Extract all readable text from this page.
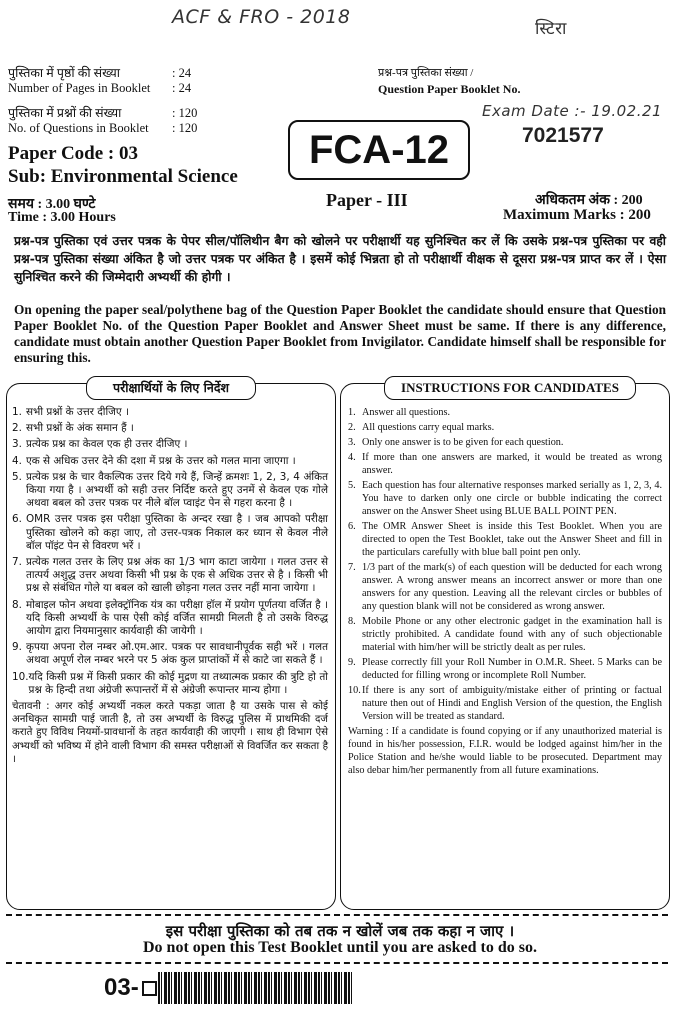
ACF & FRO - 2018
स्टिरा
Exam Date :- 19.02.21
पुस्तिका में पृष्ठों की संख्या
Number of Pages in Booklet
: 24
: 24
पुस्तिका में प्रश्नों की संख्या
No. of Questions in Booklet
: 120
: 120
Paper Code : 03
Sub: Environmental Science
समय : 3.00 घण्टे
Time : 3.00 Hours
प्रश्न-पत्र पुस्तिका संख्या /
Question Paper Booklet No.
FCA-12	7021577
Paper - III	अधिकतम अंक : 200
Maximum Marks : 200
प्रश्न-पत्र पुस्तिका एवं उत्तर पत्रक के पेपर सील/पॉलिथीन बैग को खोलने पर परीक्षार्थी यह सुनिश्चित कर लें कि उसके प्रश्न-पत्र पुस्तिका पर वही प्रश्न-पत्र पुस्तिका संख्या अंकित है जो उत्तर पत्रक पर अंकित है । इसमें कोई भिन्नता हो तो परीक्षार्थी वीक्षक से दूसरा प्रश्न-पत्र प्राप्त कर लें । ऐसा सुनिश्चित करने की जिम्मेदारी अभ्यर्थी की होगी ।
On opening the paper seal/polythene bag of the Question Paper Booklet the candidate should ensure that Question Paper Booklet No. of the Question Paper Booklet and Answer Sheet must be same. If there is any difference, candidate must obtain another Question Paper Booklet from Invigilator. Candidate himself shall be responsible for ensuring this.
परीक्षार्थियों के लिए निर्देश
1. सभी प्रश्नों के उत्तर दीजिए ।
2. सभी प्रश्नों के अंक समान हैं ।
3. प्रत्येक प्रश्न का केवल एक ही उत्तर दीजिए ।
4. एक से अधिक उत्तर देने की दशा में प्रश्न के उत्तर को गलत माना जाएगा ।
5. प्रत्येक प्रश्न के चार वैकल्पिक उत्तर दिये गये हैं, जिन्हें क्रमशः 1, 2, 3, 4 अंकित किया गया है । अभ्यर्थी को सही उत्तर निर्दिष्ट करते हुए उनमें से केवल एक गोले अथवा बबल को उत्तर पत्रक पर नीले बॉल प्वाइंट पेन से गहरा करना है ।
6. OMR उत्तर पत्रक इस परीक्षा पुस्तिका के अन्दर रखा है । जब आपको परीक्षा पुस्तिका खोलने को कहा जाए, तो उत्तर-पत्रक निकाल कर ध्यान से केवल नीले बॉल पॉइंट पेन से विवरण भरें ।
7. प्रत्येक गलत उत्तर के लिए प्रश्न अंक का 1/3 भाग काटा जायेगा । गलत उत्तर से तात्पर्य अशुद्ध उत्तर अथवा किसी भी प्रश्न के एक से अधिक उत्तर से है । किसी भी प्रश्न से संबंधित गोले या बबल को खाली छोड़ना गलत उत्तर नहीं माना जायेगा ।
8. मोबाइल फोन अथवा इलेक्ट्रॉनिक यंत्र का परीक्षा हॉल में प्रयोग पूर्णतया वर्जित है । यदि किसी अभ्यर्थी के पास ऐसी कोई वर्जित सामग्री मिलती है तो उसके विरुद्ध आयोग द्वारा नियमानुसार कार्यवाही की जायेगी ।
9. कृपया अपना रोल नम्बर ओ.एम.आर. पत्रक पर सावधानीपूर्वक सही भरें । गलत अथवा अपूर्ण रोल नम्बर भरने पर 5 अंक कुल प्राप्तांकों में से काटे जा सकते हैं ।
10. यदि किसी प्रश्न में किसी प्रकार की कोई मुद्रण या तथ्यात्मक प्रकार की त्रुटि हो तो प्रश्न के हिन्दी तथा अंग्रेजी रूपान्तरों में से अंग्रेजी रूपान्तर मान्य होगा ।
चेतावनी : अगर कोई अभ्यर्थी नकल करते पकड़ा जाता है या उसके पास से कोई अनधिकृत सामग्री पाई जाती है, तो उस अभ्यर्थी के विरुद्ध पुलिस में प्राथमिकी दर्ज कराते हुए विविध नियमों-प्रावधानों के तहत कार्यवाही की जाएगी । साथ ही विभाग ऐसे अभ्यर्थी को भविष्य में होने वाली विभाग की समस्त परीक्षाओं से विवर्जित कर सकता है ।
INSTRUCTIONS FOR CANDIDATES
1. Answer all questions.
2. All questions carry equal marks.
3. Only one answer is to be given for each question.
4. If more than one answers are marked, it would be treated as wrong answer.
5. Each question has four alternative responses marked serially as 1, 2, 3, 4. You have to darken only one circle or bubble indicating the correct answer on the Answer Sheet using BLUE BALL POINT PEN.
6. The OMR Answer Sheet is inside this Test Booklet. When you are directed to open the Test Booklet, take out the Answer Sheet and fill in the particulars carefully with blue ball point pen only.
7. 1/3 part of the mark(s) of each question will be deducted for each wrong answer. A wrong answer means an incorrect answer or more than one answers for any question. Leaving all the relevant circles or bubbles of any question blank will not be considered as wrong answer.
8. Mobile Phone or any other electronic gadget in the examination hall is strictly prohibited. A candidate found with any of such objectionable material with him/her will be strictly dealt as per rules.
9. Please correctly fill your Roll Number in O.M.R. Sheet. 5 Marks can be deducted for filling wrong or incomplete Roll Number.
10. If there is any sort of ambiguity/mistake either of printing or factual nature then out of Hindi and English Version of the question, the English Version will be treated as standard.
Warning : If a candidate is found copying or if any unauthorized material is found in his/her possession, F.I.R. would be lodged against him/her in the Police Station and he/she would liable to be prosecuted. Department may also debar him/her permanently from all future examinations.
इस परीक्षा पुस्तिका को तब तक न खोलें जब तक कहा न जाए ।
Do not open this Test Booklet until you are asked to do so.
03-
